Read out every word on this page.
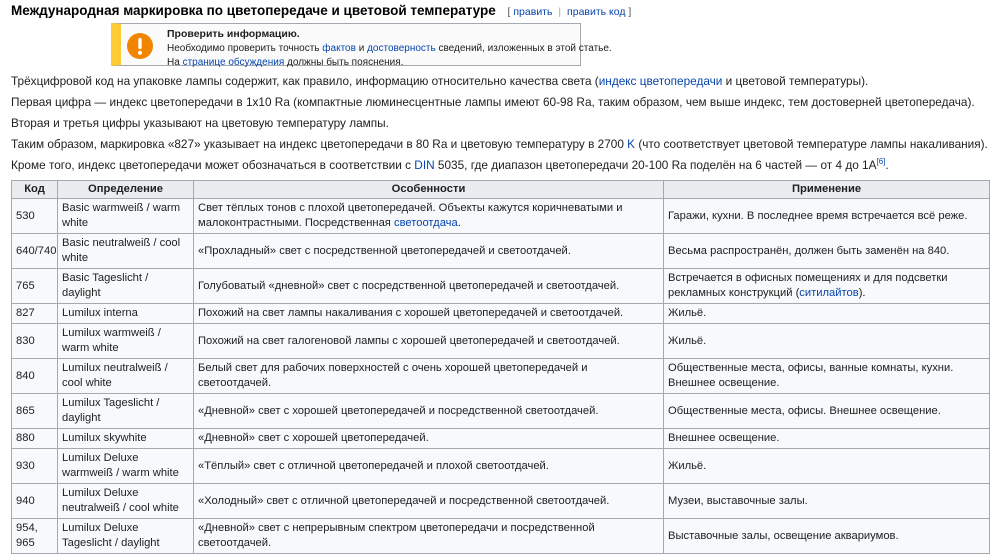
Международная маркировка по цветопередаче и цветовой температуре [ править | править код ]
Проверить информацию.
Необходимо проверить точность фактов и достоверность сведений, изложенных в этой статье.
На странице обсуждения должны быть пояснения.
Трёхцифровой код на упаковке лампы содержит, как правило, информацию относительно качества света (индекс цветопередачи и цветовой температуры).
Первая цифра — индекс цветопередачи в 1x10 Ra (компактные люминесцентные лампы имеют 60-98 Ra, таким образом, чем выше индекс, тем достоверней цветопередача).
Вторая и третья цифры указывают на цветовую температуру лампы.
Таким образом, маркировка «827» указывает на индекс цветопередачи в 80 Ra и цветовую температуру в 2700 K (что соответствует цветовой температуре лампы накаливания).
Кроме того, индекс цветопередачи может обозначаться в соответствии с DIN 5035, где диапазон цветопередачи 20-100 Ra поделён на 6 частей — от 4 до 1А[6].
Код	Определение	Особенности	Применение
530	Basic warmweiß / warm white	Свет тёплых тонов с плохой цветопередачей. Объекты кажутся коричневатыми и малоконтрастными. Посредственная светоотдача.	Гаражи, кухни. В последнее время встречается всё реже.
640/740	Basic neutralweiß / cool white	«Прохладный» свет с посредственной цветопередачей и светоотдачей.	Весьма распространён, должен быть заменён на 840.
765	Basic Tageslicht / daylight	Голубоватый «дневной» свет с посредственной цветопередачей и светоотдачей.	Встречается в офисных помещениях и для подсветки рекламных конструкций (ситилайтов).
827	Lumilux interna	Похожий на свет лампы накаливания с хорошей цветопередачей и светоотдачей.	Жильё.
830	Lumilux warmweiß / warm white	Похожий на свет галогеновой лампы с хорошей цветопередачей и светоотдачей.	Жильё.
840	Lumilux neutralweiß / cool white	Белый свет для рабочих поверхностей с очень хорошей цветопередачей и светоотдачей.	Общественные места, офисы, ванные комнаты, кухни. Внешнее освещение.
865	Lumilux Tageslicht / daylight	«Дневной» свет с хорошей цветопередачей и посредственной светоотдачей.	Общественные места, офисы. Внешнее освещение.
880	Lumilux skywhite	«Дневной» свет с хорошей цветопередачей.	Внешнее освещение.
930	Lumilux Deluxe warmweiß / warm white	«Тёплый» свет с отличной цветопередачей и плохой светоотдачей.	Жильё.
940	Lumilux Deluxe neutralweiß / cool white	«Холодный» свет с отличной цветопередачей и посредственной светоотдачей.	Музеи, выставочные залы.
954, 965	Lumilux Deluxe Tageslicht / daylight	«Дневной» свет с непрерывным спектром цветопередачи и посредственной светоотдачей.	Выставочные залы, освещение аквариумов.
